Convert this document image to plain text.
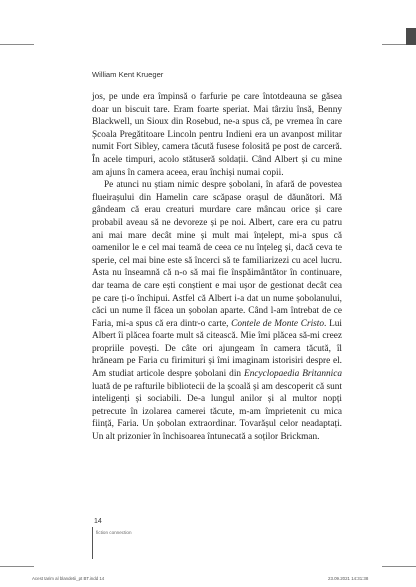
William Kent Krueger

jos, pe unde era împinsă o farfurie pe care întotdeauna se găsea doar un biscuit tare. Eram foarte speriat. Mai târziu însă, Benny Blackwell, un Sioux din Rosebud, ne-a spus că, pe vremea în care Școala Pregătitoare Lincoln pentru Indieni era un avanpost militar numit Fort Sibley, camera tăcută fusese folosită pe post de carceră. În acele timpuri, acolo stătuseră soldații. Când Albert și cu mine am ajuns în camera aceea, erau închiși numai copii.

Pe atunci nu știam nimic despre șobolani, în afară de povestea flueirașului din Hamelin care scăpase orașul de dăunători. Mă gândeam că erau creaturi murdare care mâncau orice și care probabil aveau să ne devoreze și pe noi. Albert, care era cu patru ani mai mare decât mine și mult mai înțelept, mi-a spus că oamenilor le e cel mai teamă de ceea ce nu înțeleg și, dacă ceva te sperie, cel mai bine este să încerci să te familiarizezi cu acel lucru. Asta nu înseamnă că n-o să mai fie înspăimântător în continuare, dar teama de care ești conștient e mai ușor de gestionat decât cea pe care ți-o închipui. Astfel că Albert i-a dat un nume șobolanului, căci un nume îl făcea un șobolan aparte. Când l-am întrebat de ce Faria, mi-a spus că era dintr-o carte, Contele de Monte Cristo. Lui Albert îi plăcea foarte mult să citească. Mie îmi plăcea să-mi creez propriile povești. De câte ori ajungeam în camera tăcută, îl hrăneam pe Faria cu firimituri și îmi imaginam istorisiri despre el. Am studiat articole despre șobolani din Encyclopaedia Britannica luată de pe rafturile bibliotecii de la școală și am descoperit că sunt inteligenți și sociabili. De-a lungul anilor și al multor nopți petrecute în izolarea camerei tăcute, m-am împrietenit cu mica ființă, Faria. Un șobolan extraordinar. Tovarășul celor neadaptați. Un alt prizonier în închisoarea întunecată a soților Brickman.

14
fiction connection
Acest tarim al blandetii_pt BT.indd 14	23.09.2021 14:31:38
